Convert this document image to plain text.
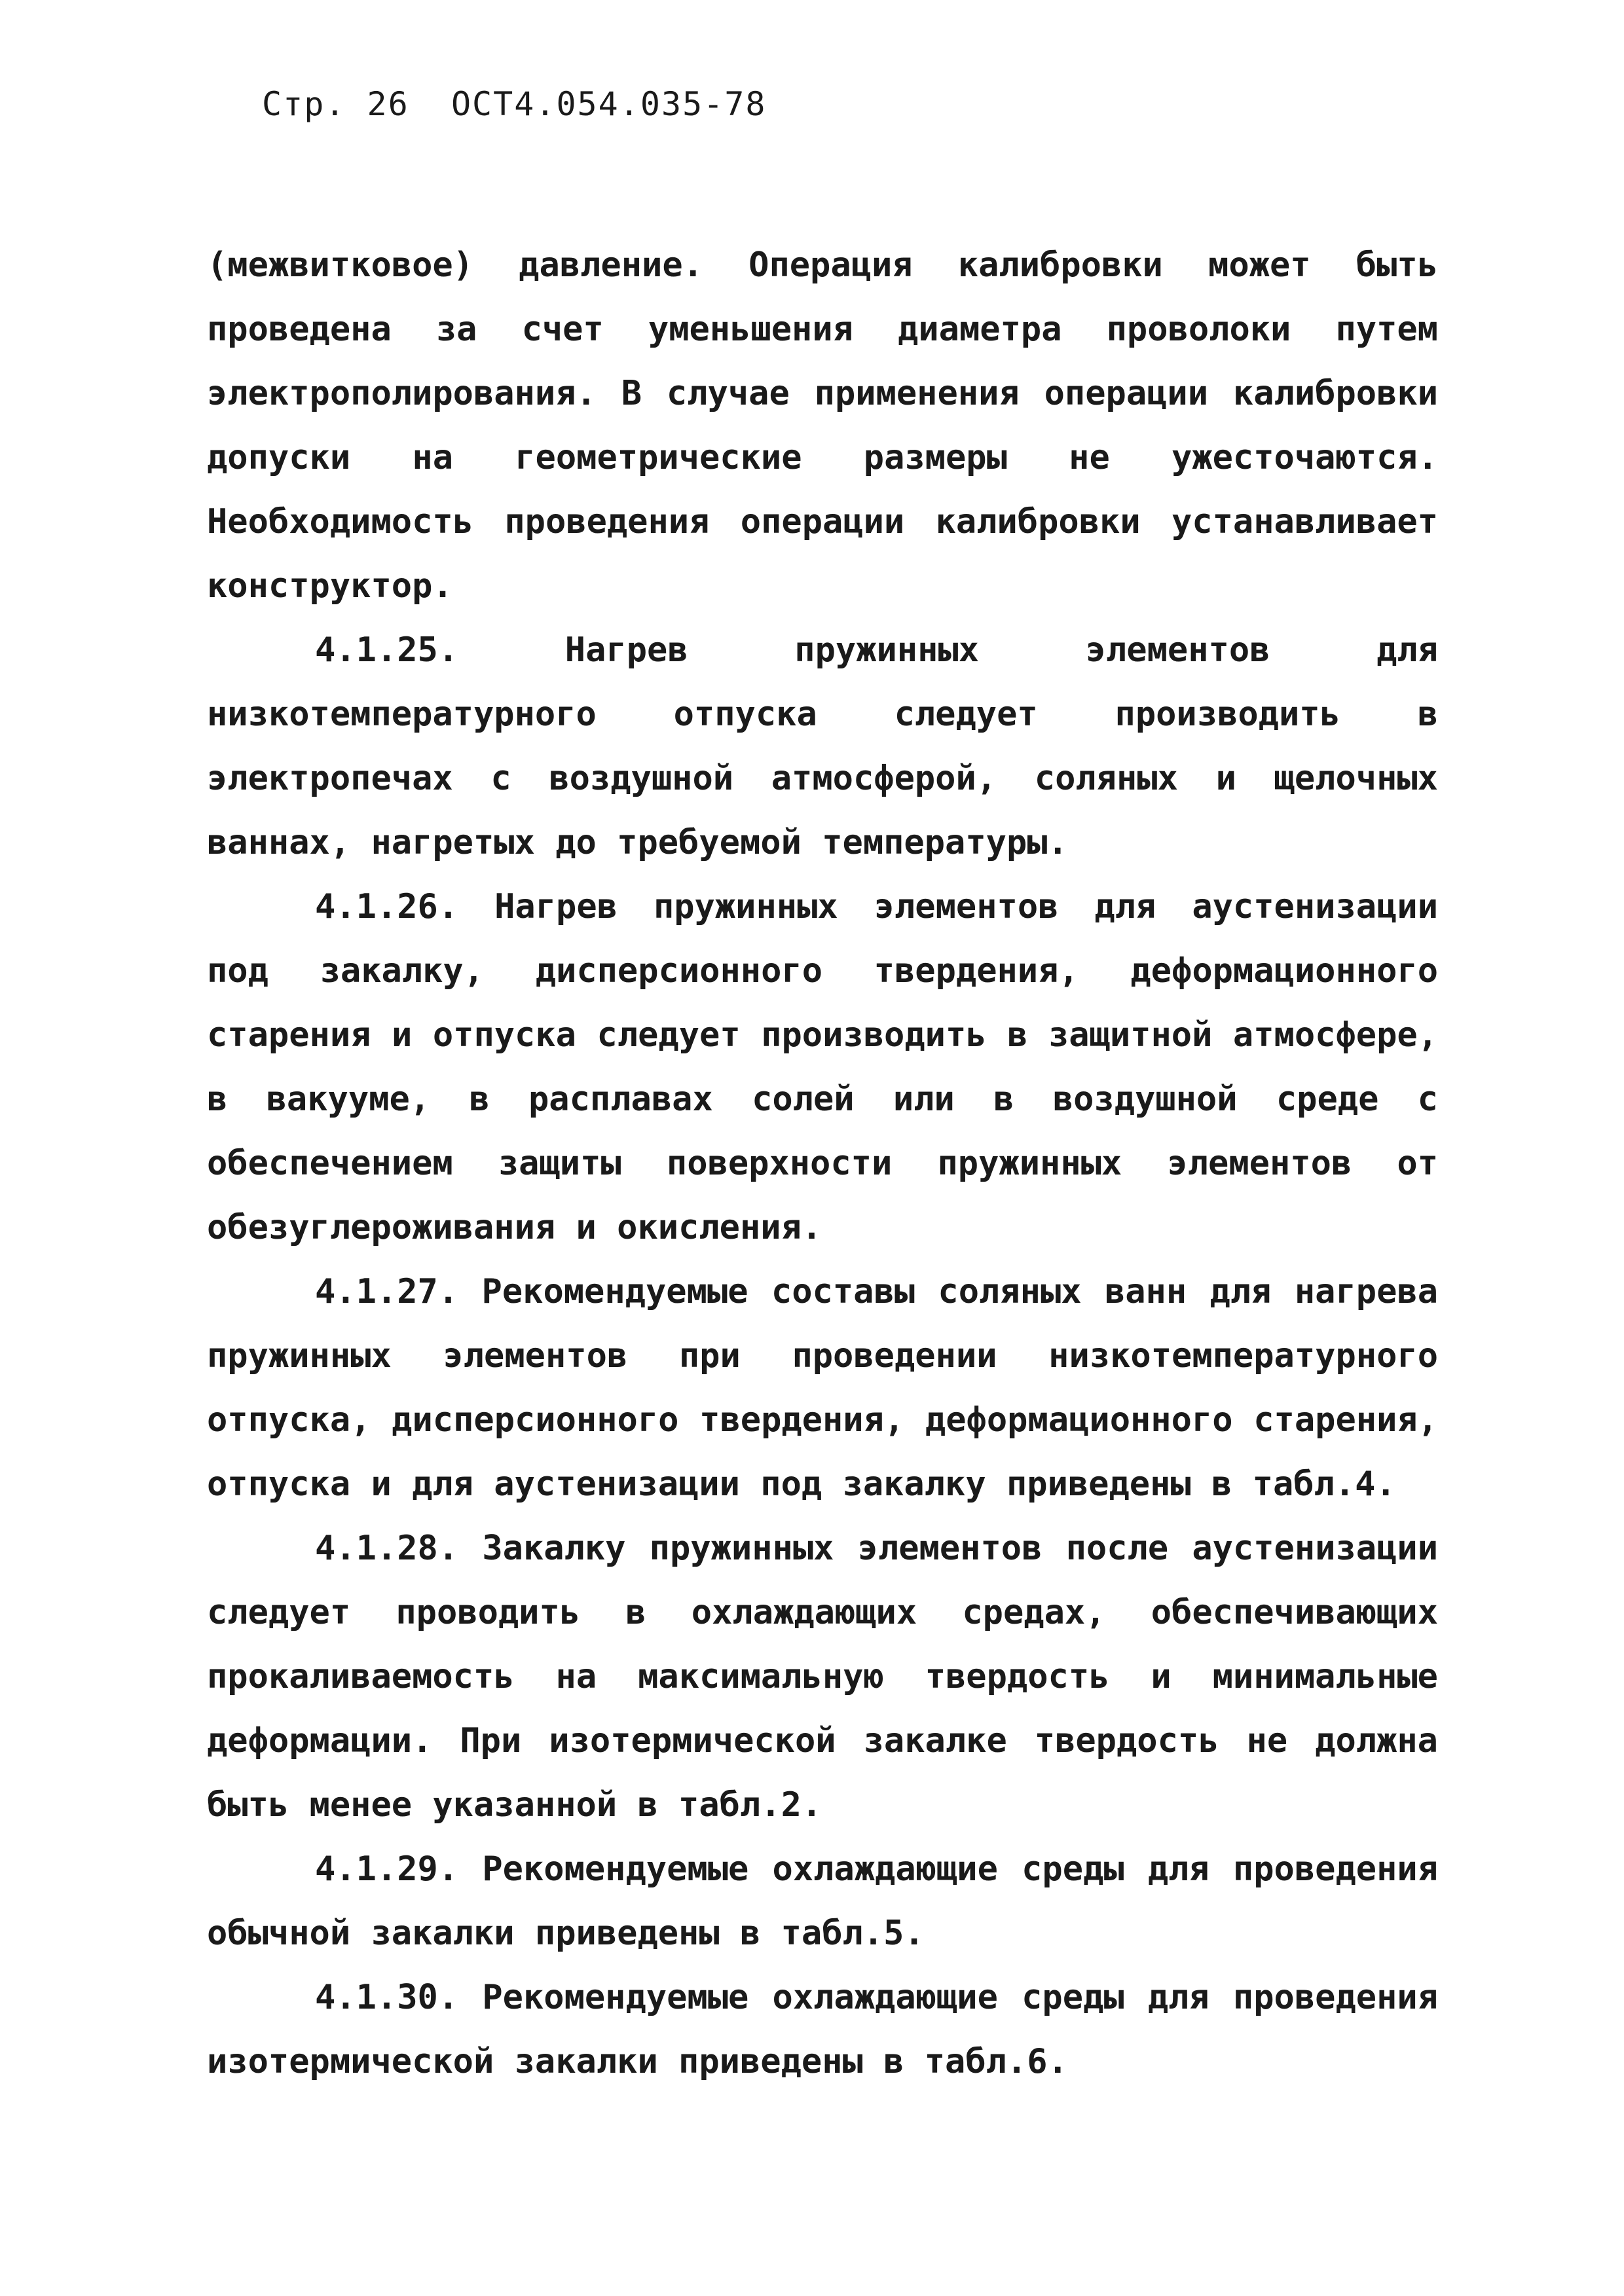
Стр. 26 ОСТ4.054.035-78

(межвитковое) давление. Операция калибровки может быть проведена за счет уменьшения диаметра проволоки путем электрополирования. В случае применения операции калибровки допуски на геометрические размеры не ужесточаются. Необходимость проведения операции калибровки устанавливает конструктор.

4.1.25. Нагрев пружинных элементов для низкотемпературного отпуска следует производить в электропечах с воздушной атмосферой, соляных и щелочных ваннах, нагретых до требуемой температуры.

4.1.26. Нагрев пружинных элементов для аустенизации под закалку, дисперсионного твердения, деформационного старения и отпуска следует производить в защитной атмосфере, в вакууме, в расплавах солей или в воздушной среде с обеспечением защиты поверхности пружинных элементов от обезуглероживания и окисления.

4.1.27. Рекомендуемые составы соляных ванн для нагрева пружинных элементов при проведении низкотемпературного отпуска, дисперсионного твердения, деформационного старения, отпуска и для аустенизации под закалку приведены в табл.4.

4.1.28. Закалку пружинных элементов после аустенизации следует проводить в охлаждающих средах, обеспечивающих прокаливаемость на максимальную твердость и минимальные деформации. При изотермической закалке твердость не должна быть менее указанной в табл.2.

4.1.29. Рекомендуемые охлаждающие среды для проведения обычной закалки приведены в табл.5.

4.1.30. Рекомендуемые охлаждающие среды для проведения изотермической закалки приведены в табл.6.
